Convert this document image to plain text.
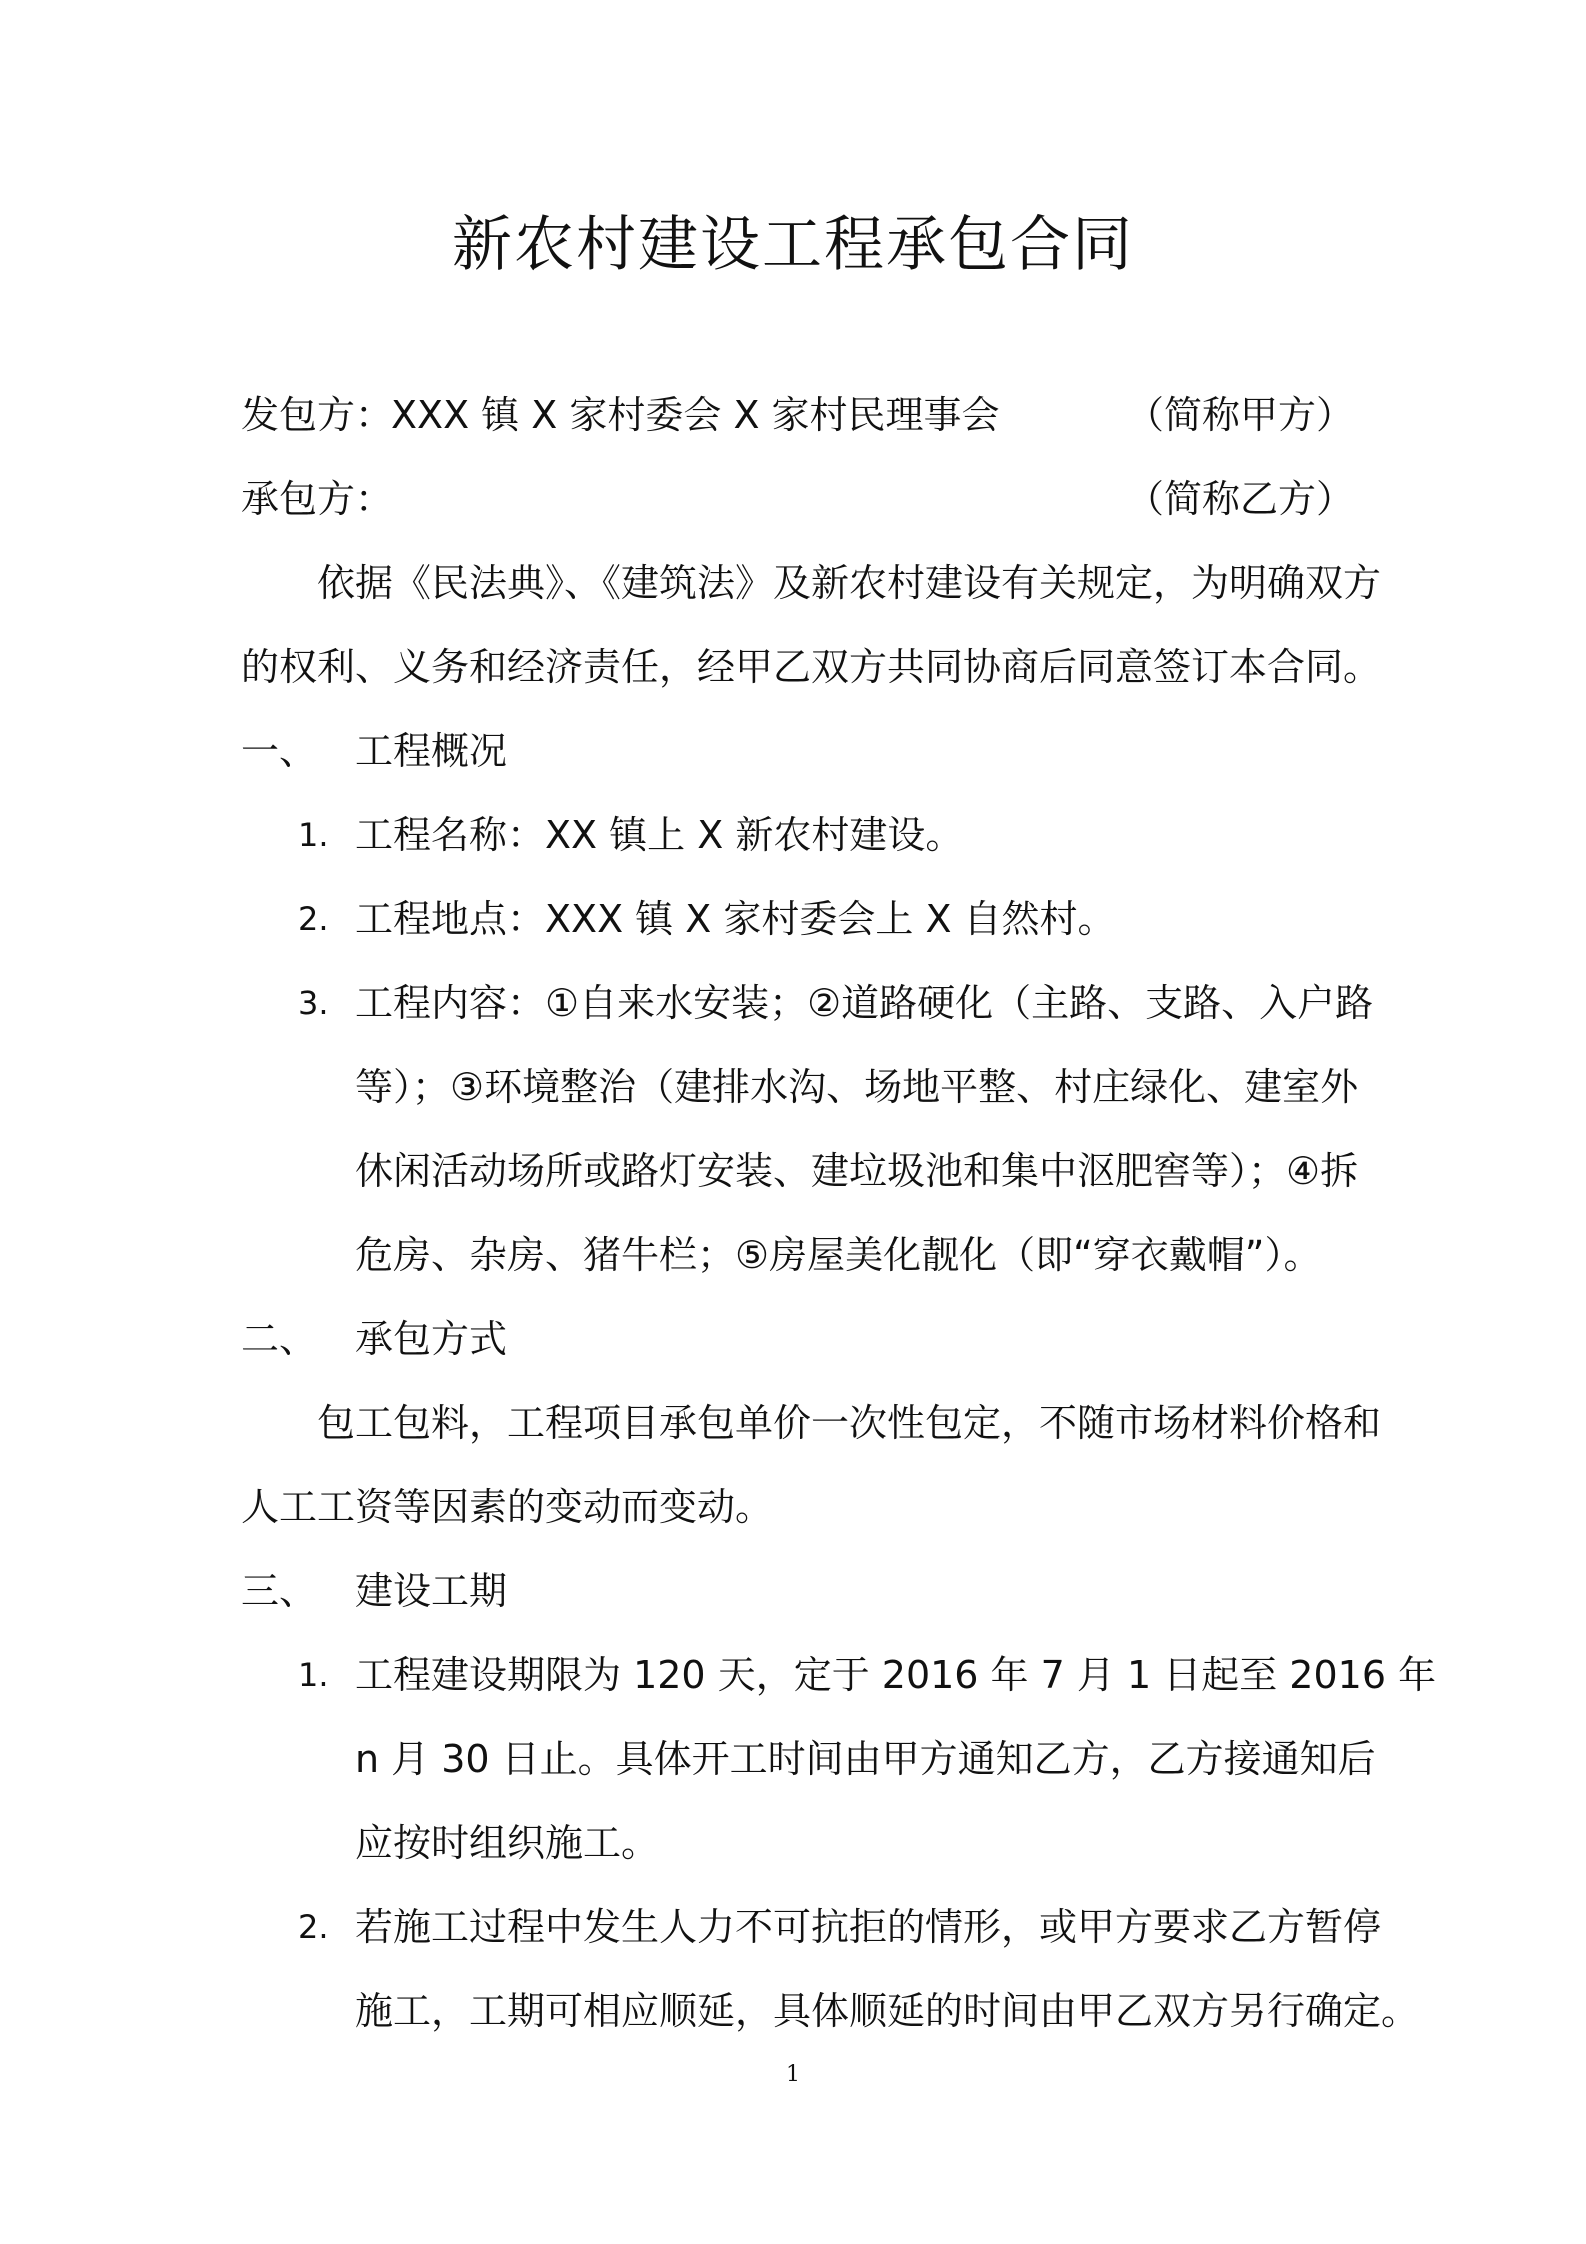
新农村建设工程承包合同
发包方：
XXX 镇 X 家村委会 X 家村民理事会	（简称甲方）
承包方：	（简称乙方）
依据《民法典》、《建筑法》及新农村建设有关规定，为明确双方
的权利、义务和经济责任，经甲乙双方共同协商后同意签订本合同。
一、 工程概况
1. 工程名称：XX 镇上 X 新农村建设。
2. 工程地点：XXX 镇 X 家村委会上 X 自然村。
3. 工程内容：①自来水安装；②道路硬化（主路、支路、入户路
等）；③环境整治（建排水沟、场地平整、村庄绿化、建室外
休闲活动场所或路灯安装、建垃圾池和集中沤肥窖等）；④拆
危房、杂房、猪牛栏；⑤房屋美化靓化（即“穿衣戴帽”）。
二、 承包方式
包工包料，工程项目承包单价一次性包定，不随市场材料价格和
人工工资等因素的变动而变动。
三、 建设工期
1. 工程建设期限为 120 天，定于 2016 年 7 月 1 日起至 2016 年
n 月 30 日止。具体开工时间由甲方通知乙方，乙方接通知后
应按时组织施工。
2. 若施工过程中发生人力不可抗拒的情形，或甲方要求乙方暂停
施工，工期可相应顺延，具体顺延的时间由甲乙双方另行确定。
1
